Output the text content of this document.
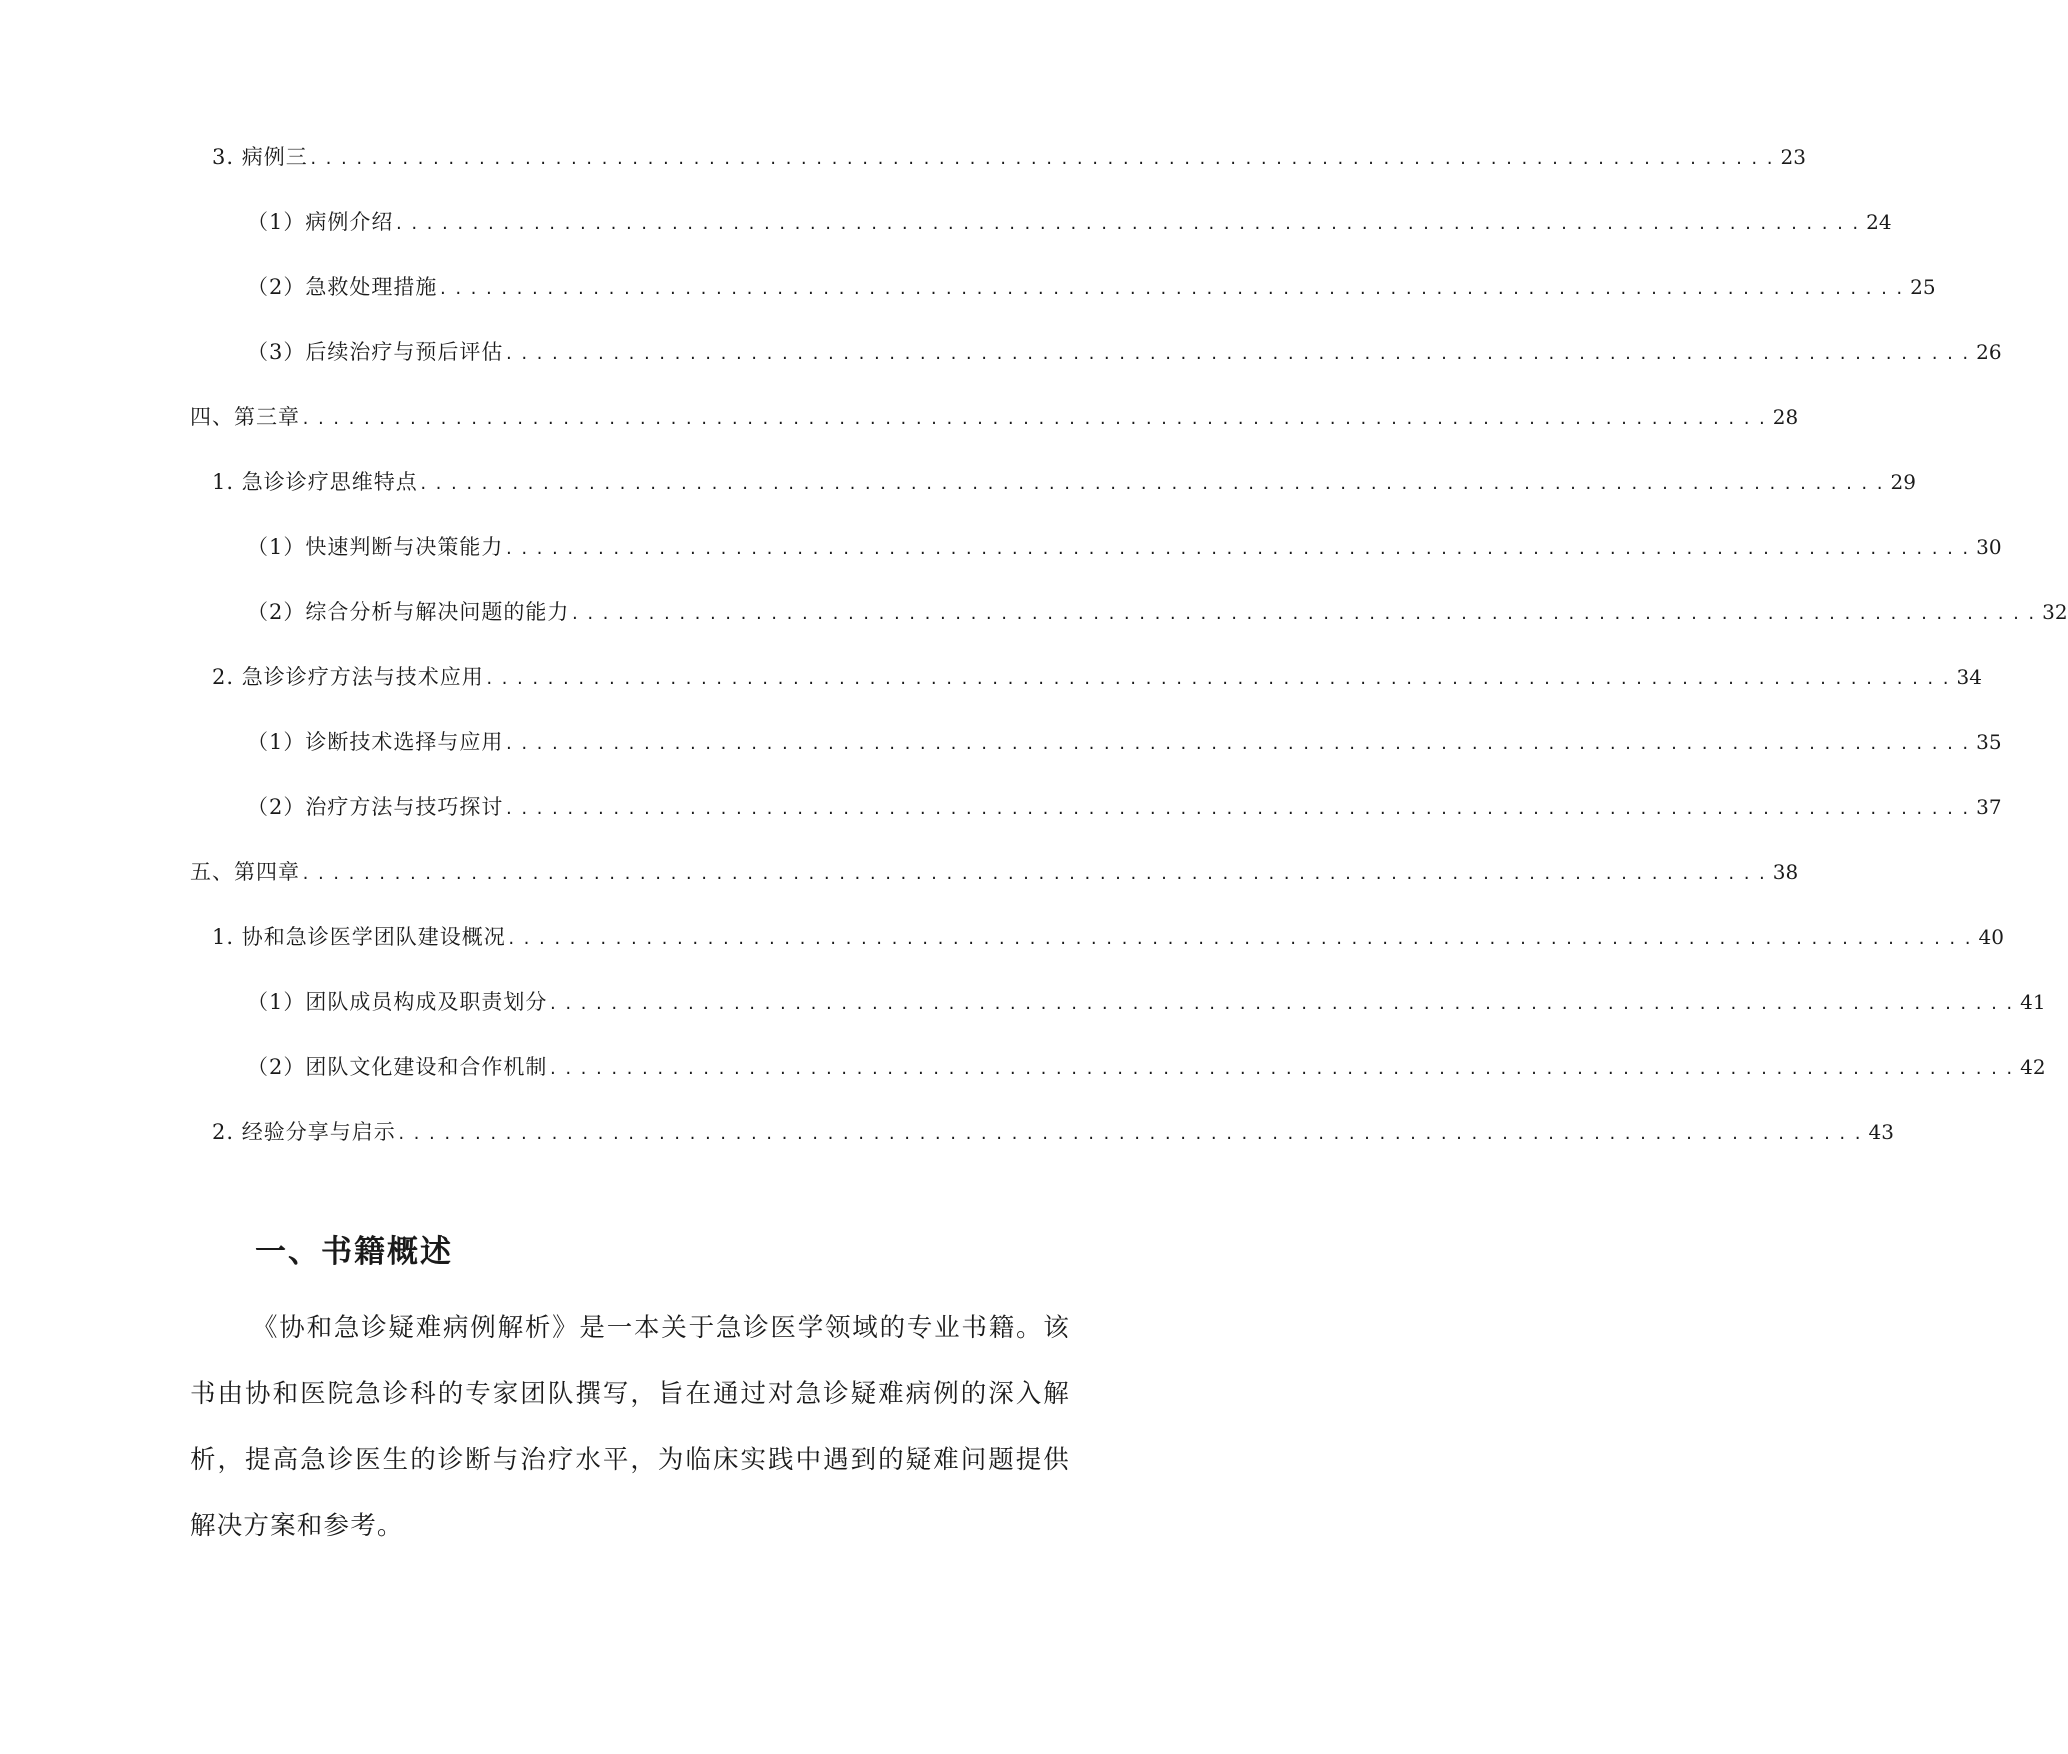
3. 病例三 ................................................................................................ 23
（1）病例介绍 ................................................................................................ 24
（2）急救处理措施 ................................................................................................ 25
（3）后续治疗与预后评估 ................................................................................................ 26
四、第三章 ................................................................................................ 28
1. 急诊诊疗思维特点 ................................................................................................ 29
（1）快速判断与决策能力 ................................................................................................ 30
（2）综合分析与解决问题的能力 ................................................................................................ 32
2. 急诊诊疗方法与技术应用 ................................................................................................ 34
（1）诊断技术选择与应用 ................................................................................................ 35
（2）治疗方法与技巧探讨 ................................................................................................ 37
五、第四章 ................................................................................................ 38
1. 协和急诊医学团队建设概况 ................................................................................................ 40
（1）团队成员构成及职责划分 ................................................................................................ 41
（2）团队文化建设和合作机制 ................................................................................................ 42
2. 经验分享与启示 ................................................................................................ 43
一、书籍概述

《协和急诊疑难病例解析》是一本关于急诊医学领域的专业书籍。该书由协和医院急诊科的专家团队撰写，旨在通过对急诊疑难病例的深入解析，提高急诊医生的诊断与治疗水平，为临床实践中遇到的疑难问题提供解决方案和参考。
